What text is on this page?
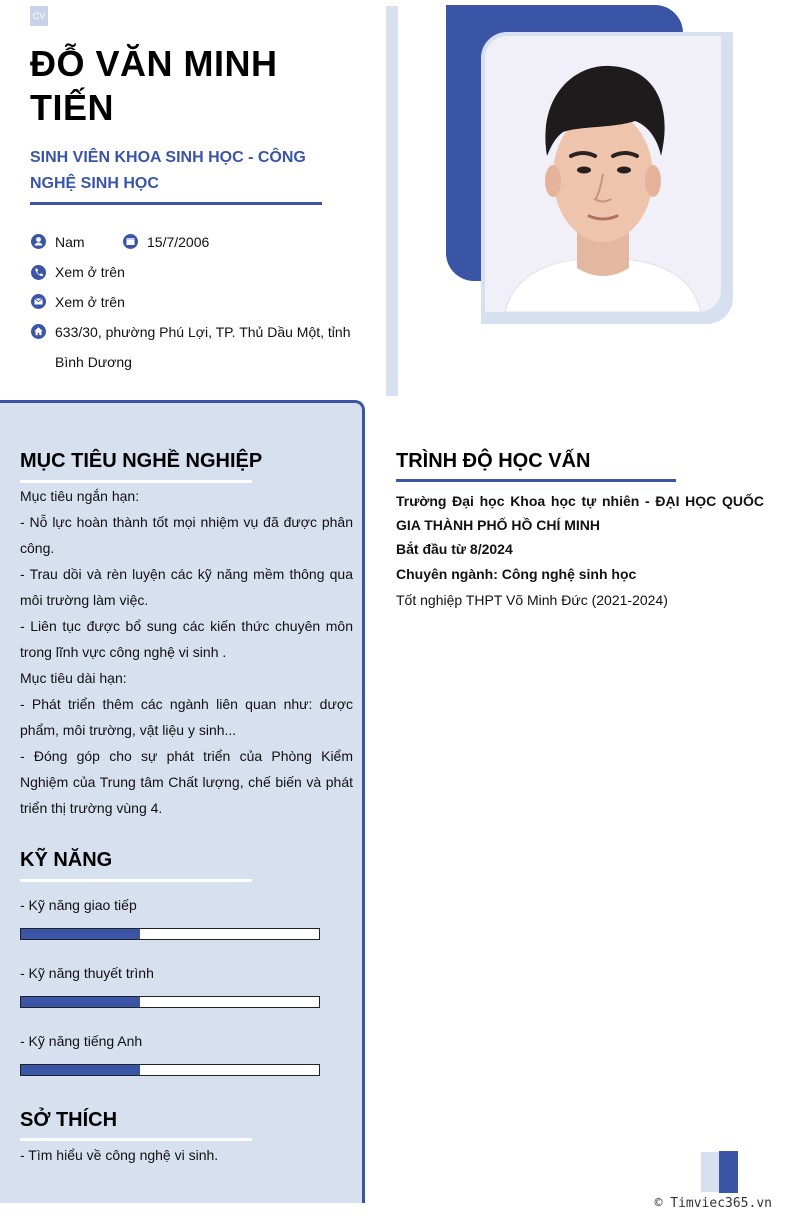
CV
ĐỖ VĂN MINH
TIẾN
SINH VIÊN KHOA SINH HỌC - CÔNG NGHỆ SINH HỌC
Nam	15/7/2006
Xem ở trên
Xem ở trên
633/30, phường Phú Lợi, TP. Thủ Dầu Một, tỉnh Bình Dương
MỤC TIÊU NGHỀ NGHIỆP
Mục tiêu ngắn hạn:
- Nỗ lực hoàn thành tốt mọi nhiệm vụ đã được phân công.
- Trau dồi và rèn luyện các kỹ năng mềm thông qua môi trường làm việc.
- Liên tục được bổ sung các kiến thức chuyên môn trong lĩnh vực công nghệ vi sinh .
Mục tiêu dài hạn:
- Phát triển thêm các ngành liên quan như: dược phẩm, môi trường, vật liệu y sinh...
- Đóng góp cho sự phát triển của Phòng Kiểm Nghiệm của Trung tâm Chất lượng, chế biến và phát triển thị trường vùng 4.
KỸ NĂNG
- Kỹ năng giao tiếp
- Kỹ năng thuyết trình
- Kỹ năng tiếng Anh
SỞ THÍCH
- Tìm hiểu về công nghệ vi sinh.
TRÌNH ĐỘ HỌC VẤN
Trường Đại học Khoa học tự nhiên - ĐẠI HỌC QUỐC GIA THÀNH PHỐ HỒ CHÍ MINH
Bắt đầu từ 8/2024
Chuyên ngành: Công nghệ sinh học
Tốt nghiệp THPT Võ Minh Đức (2021-2024)
© Timviec365.vn
